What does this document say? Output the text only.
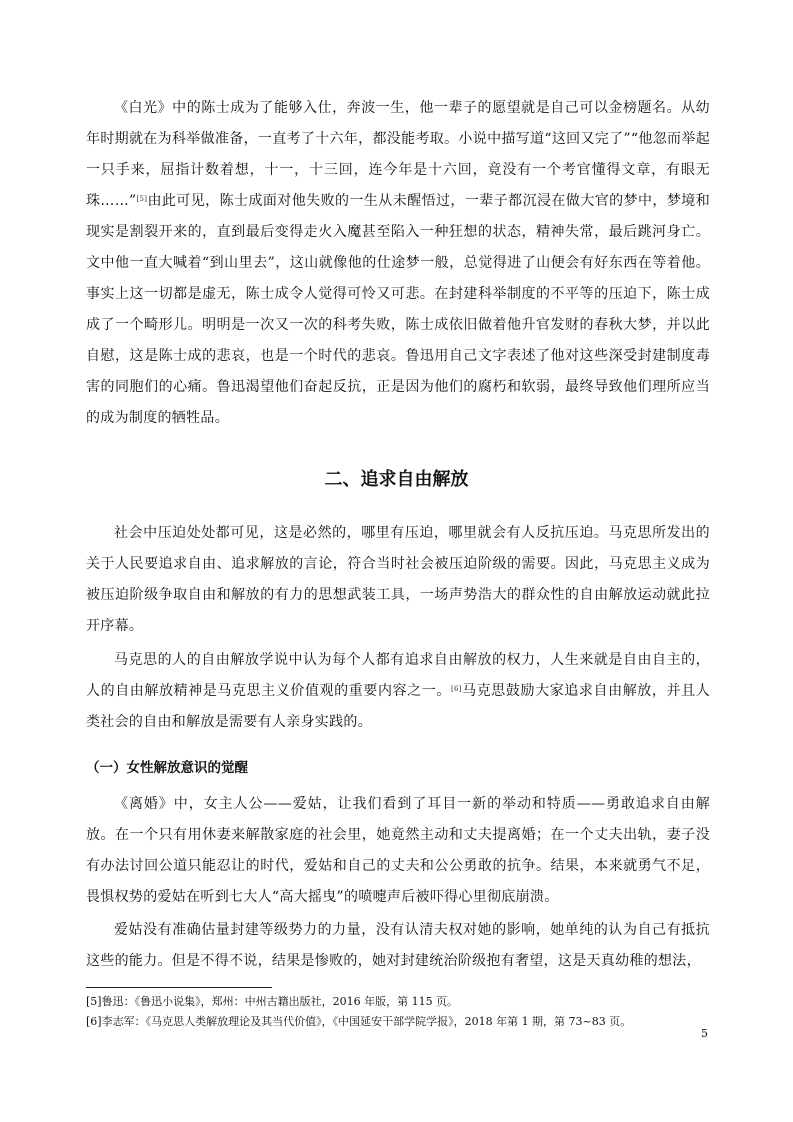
《白光》中的陈士成为了能够入仕，奔波一生，他一辈子的愿望就是自己可以金榜题名。从幼年时期就在为科举做准备，一直考了十六年，都没能考取。小说中描写道“这回又完了”“他忽而举起一只手来，屈指计数着想，十一，十三回，连今年是十六回，竟没有一个考官懂得文章，有眼无珠……”[5]由此可见，陈士成面对他失败的一生从未醒悟过，一辈子都沉浸在做大官的梦中，梦境和现实是割裂开来的，直到最后变得走火入魔甚至陷入一种狂想的状态，精神失常，最后跳河身亡。文中他一直大喊着“到山里去”，这山就像他的仕途梦一般，总觉得进了山便会有好东西在等着他。事实上这一切都是虚无，陈士成令人觉得可怜又可悲。在封建科举制度的不平等的压迫下，陈士成成了一个畸形儿。明明是一次又一次的科考失败，陈士成依旧做着他升官发财的春秋大梦，并以此自慰，这是陈士成的悲哀，也是一个时代的悲哀。鲁迅用自己文字表述了他对这些深受封建制度毒害的同胞们的心痛。鲁迅渴望他们奋起反抗，正是因为他们的腐朽和软弱，最终导致他们理所应当的成为制度的牺牲品。

二、追求自由解放

社会中压迫处处都可见，这是必然的，哪里有压迫，哪里就会有人反抗压迫。马克思所发出的关于人民要追求自由、追求解放的言论，符合当时社会被压迫阶级的需要。因此，马克思主义成为被压迫阶级争取自由和解放的有力的思想武装工具，一场声势浩大的群众性的自由解放运动就此拉开序幕。

马克思的人的自由解放学说中认为每个人都有追求自由解放的权力，人生来就是自由自主的，人的自由解放精神是马克思主义价值观的重要内容之一。[6]马克思鼓励大家追求自由解放，并且人类社会的自由和解放是需要有人亲身实践的。

（一）女性解放意识的觉醒

《离婚》中，女主人公——爱姑，让我们看到了耳目一新的举动和特质——勇敢追求自由解放。在一个只有用休妻来解散家庭的社会里，她竟然主动和丈夫提离婚；在一个丈夫出轨，妻子没有办法讨回公道只能忍让的时代，爱姑和自己的丈夫和公公勇敢的抗争。结果，本来就勇气不足，畏惧权势的爱姑在听到七大人“高大摇曳”的喷嚏声后被吓得心里彻底崩溃。

爱姑没有准确估量封建等级势力的力量，没有认清夫权对她的影响，她单纯的认为自己有抵抗这些的能力。但是不得不说，结果是惨败的，她对封建统治阶级抱有奢望，这是天真幼稚的想法，

[5]鲁迅：《鲁迅小说集》，郑州：中州古籍出版社，2016 年版，第 115 页。

[6]李志军：《马克思人类解放理论及其当代价值》，《中国延安干部学院学报》，2018 年第 1 期，第 73~83 页。

5
